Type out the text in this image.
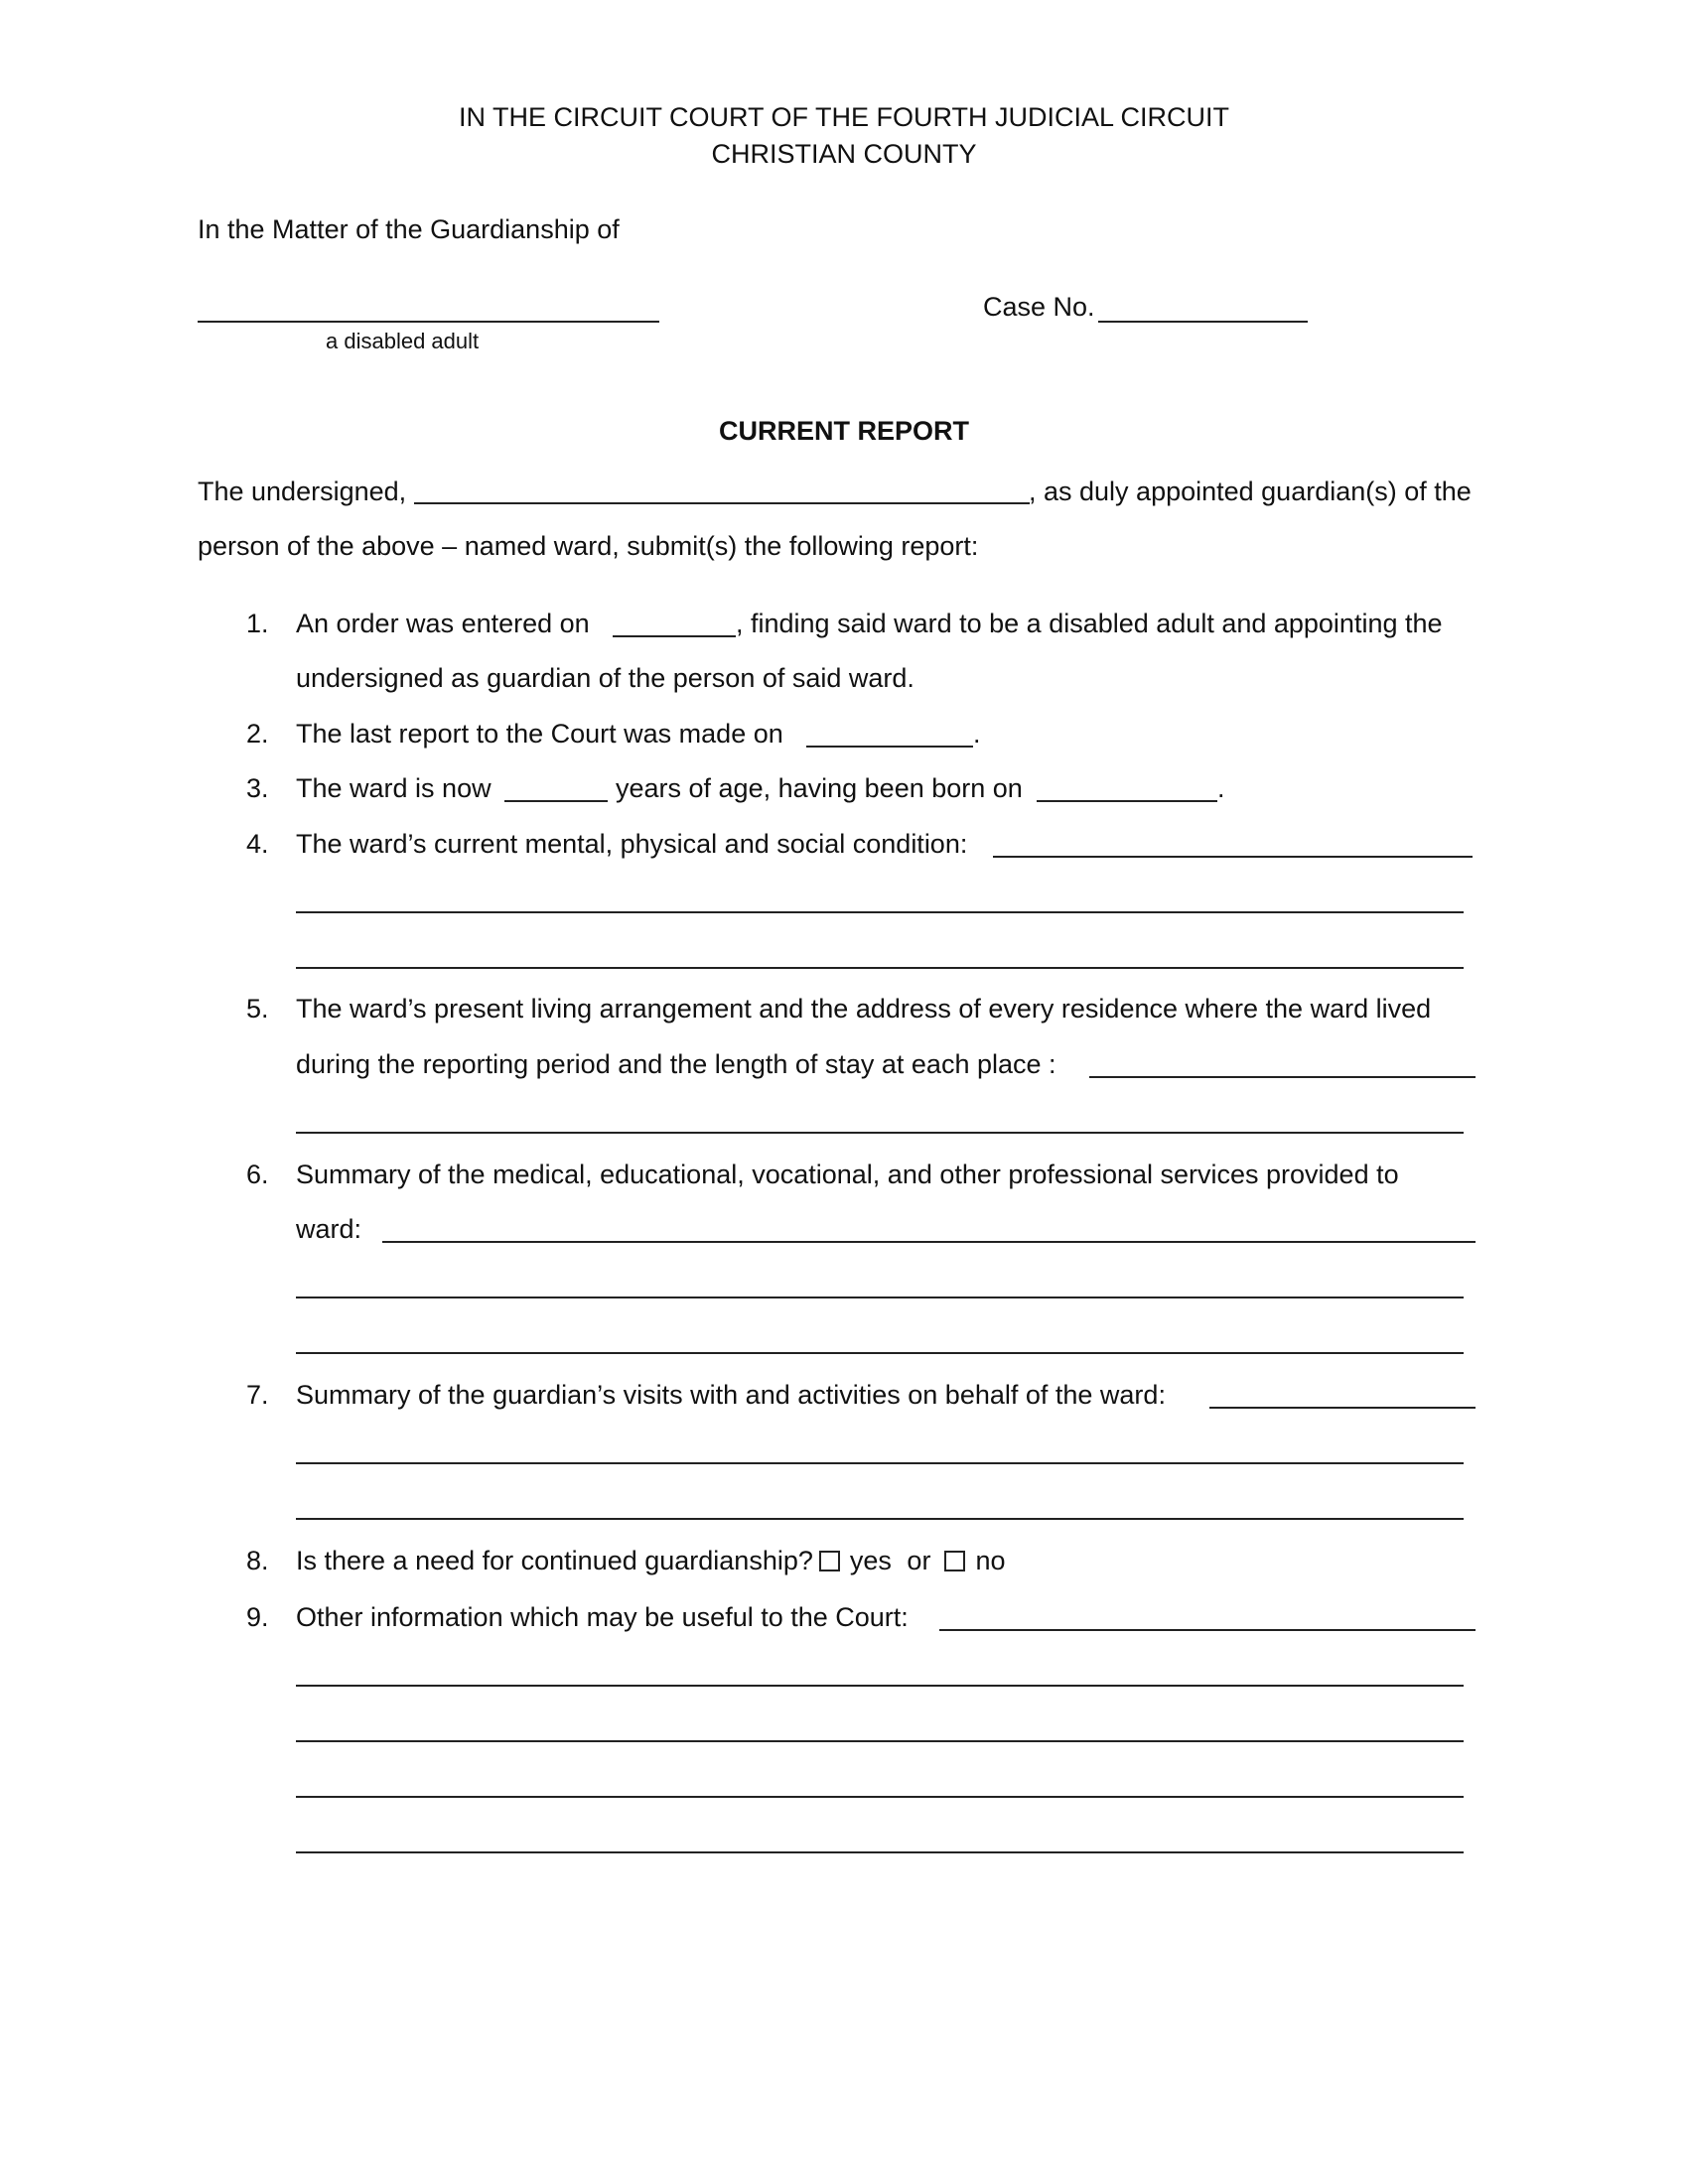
IN THE CIRCUIT COURT OF THE FOURTH JUDICIAL CIRCUIT
CHRISTIAN COUNTY
In the Matter of the Guardianship of
a disabled adult
Case No.
CURRENT REPORT
The undersigned,	, as duly appointed guardian(s) of the
person of the above – named ward, submit(s) the following report:
1. An order was entered on	, finding said ward to be a disabled adult and appointing the
undersigned as guardian of the person of said ward.
2. The last report to the Court was made on	.
3. The ward is now	years of age, having been born on	.
4. The ward’s current mental, physical and social condition:
5. The ward’s present living arrangement and the address of every residence where the ward lived
during the reporting period and the length of stay at each place :
6. Summary of the medical, educational, vocational, and other professional services provided to
ward:
7. Summary of the guardian’s visits with and activities on behalf of the ward:
8. Is there a need for continued guardianship? yes or no
9. Other information which may be useful to the Court:
